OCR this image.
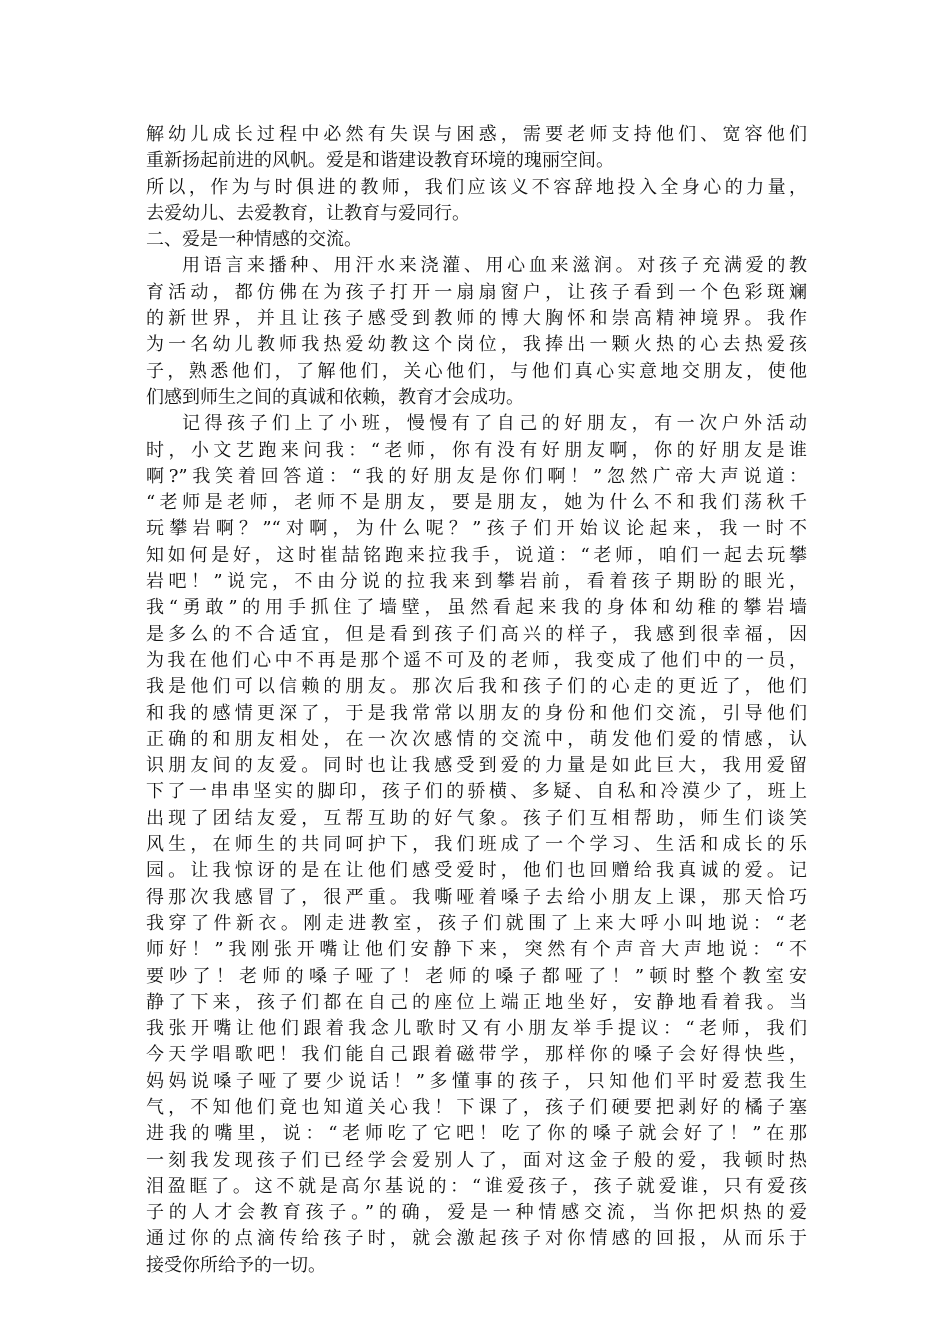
解幼儿成长过程中必然有失误与困惑，需要老师支持他们、宽容他们
重新扬起前进的风帆。爱是和谐建设教育环境的瑰丽空间。
所以，作为与时俱进的教师，我们应该义不容辞地投入全身心的力量，
去爱幼儿、去爱教育，让教育与爱同行。
二、爱是一种情感的交流。
用语言来播种、用汗水来浇灌、用心血来滋润。对孩子充满爱的教
育活动，都仿佛在为孩子打开一扇扇窗户，让孩子看到一个色彩斑斓
的新世界，并且让孩子感受到教师的博大胸怀和崇高精神境界。我作
为一名幼儿教师我热爱幼教这个岗位，我捧出一颗火热的心去热爱孩
子，熟悉他们，了解他们，关心他们，与他们真心实意地交朋友，使他
们感到师生之间的真诚和依赖，教育才会成功。
记得孩子们上了小班，慢慢有了自己的好朋友，有一次户外活动
时，小文艺跑来问我：“老师，你有没有好朋友啊，你的好朋友是谁
啊?”我笑着回答道：“我的好朋友是你们啊！”忽然广帝大声说道：
“老师是老师，老师不是朋友，要是朋友，她为什么不和我们荡秋千
玩攀岩啊？”“对啊，为什么呢？”孩子们开始议论起来，我一时不
知如何是好，这时崔喆铭跑来拉我手，说道：“老师，咱们一起去玩攀
岩吧！”说完，不由分说的拉我来到攀岩前，看着孩子期盼的眼光，
我“勇敢”的用手抓住了墙壁，虽然看起来我的身体和幼稚的攀岩墙
是多么的不合适宜，但是看到孩子们高兴的样子，我感到很幸福，因
为我在他们心中不再是那个遥不可及的老师，我变成了他们中的一员，
我是他们可以信赖的朋友。那次后我和孩子们的心走的更近了，他们
和我的感情更深了，于是我常常以朋友的身份和他们交流，引导他们
正确的和朋友相处，在一次次感情的交流中，萌发他们爱的情感，认
识朋友间的友爱。同时也让我感受到爱的力量是如此巨大，我用爱留
下了一串串坚实的脚印，孩子们的骄横、多疑、自私和冷漠少了，班上
出现了团结友爱，互帮互助的好气象。孩子们互相帮助，师生们谈笑
风生，在师生的共同呵护下，我们班成了一个学习、生活和成长的乐
园。让我惊讶的是在让他们感受爱时，他们也回赠给我真诚的爱。记
得那次我感冒了，很严重。我嘶哑着嗓子去给小朋友上课，那天恰巧
我穿了件新衣。刚走进教室，孩子们就围了上来大呼小叫地说：“老
师好！”我刚张开嘴让他们安静下来，突然有个声音大声地说：“不
要吵了！老师的嗓子哑了！老师的嗓子都哑了！”顿时整个教室安
静了下来，孩子们都在自己的座位上端正地坐好，安静地看着我。当
我张开嘴让他们跟着我念儿歌时又有小朋友举手提议：“老师，我们
今天学唱歌吧！我们能自己跟着磁带学，那样你的嗓子会好得快些，
妈妈说嗓子哑了要少说话！”多懂事的孩子，只知他们平时爱惹我生
气，不知他们竟也知道关心我！下课了，孩子们硬要把剥好的橘子塞
进我的嘴里，说：“老师吃了它吧！吃了你的嗓子就会好了！”在那
一刻我发现孩子们已经学会爱别人了，面对这金子般的爱，我顿时热
泪盈眶了。这不就是高尔基说的：“谁爱孩子，孩子就爱谁，只有爱孩
子的人才会教育孩子。”的确，爱是一种情感交流，当你把炽热的爱
通过你的点滴传给孩子时，就会激起孩子对你情感的回报，从而乐于
接受你所给予的一切。
